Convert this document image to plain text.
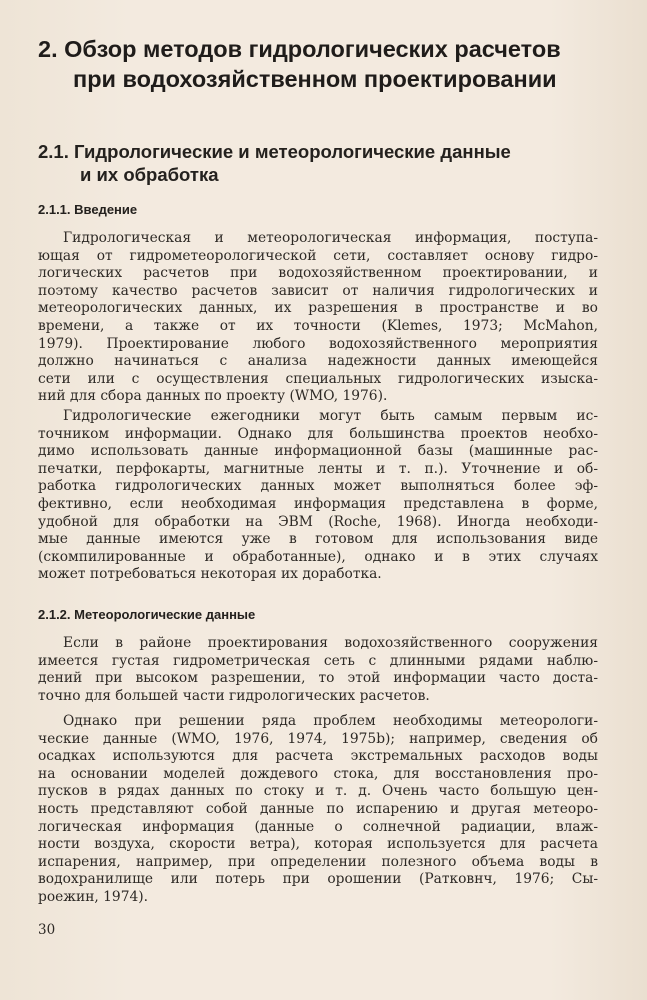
2. Обзор методов гидрологических расчетов
при водохозяйственном проектировании
2.1. Гидрологические и метеорологические данные
и их обработка
2.1.1. Введение
Гидрологическая и метеорологическая информация, поступа-
ющая от гидрометеорологической сети, составляет основу гидро-
логических расчетов при водохозяйственном проектировании, и
поэтому качество расчетов зависит от наличия гидрологических и
метеорологических данных, их разрешения в пространстве и во
времени, а также от их точности (Klemes, 1973; McMahon,
1979). Проектирование любого водохозяйственного мероприятия
должно начинаться с анализа надежности данных имеющейся
сети или с осуществления специальных гидрологических изыска-
ний для сбора данных по проекту (WMO, 1976).
Гидрологические ежегодники могут быть самым первым ис-
точником информации. Однако для большинства проектов необхо-
димо использовать данные информационной базы (машинные рас-
печатки, перфокарты, магнитные ленты и т. п.). Уточнение и об-
работка гидрологических данных может выполняться более эф-
фективно, если необходимая информация представлена в форме,
удобной для обработки на ЭВМ (Roche, 1968). Иногда необходи-
мые данные имеются уже в готовом для использования виде
(скомпилированные и обработанные), однако и в этих случаях
может потребоваться некоторая их доработка.
2.1.2. Метеорологические данные
Если в районе проектирования водохозяйственного сооружения
имеется густая гидрометрическая сеть с длинными рядами наблю-
дений при высоком разрешении, то этой информации часто доста-
точно для большей части гидрологических расчетов.
Однако при решении ряда проблем необходимы метеорологи-
ческие данные (WMO, 1976, 1974, 1975b); например, сведения об
осадках используются для расчета экстремальных расходов воды
на основании моделей дождевого стока, для восстановления про-
пусков в рядах данных по стоку и т. д. Очень часто большую цен-
ность представляют собой данные по испарению и другая метеоро-
логическая информация (данные о солнечной радиации, влаж-
ности воздуха, скорости ветра), которая используется для расчета
испарения, например, при определении полезного объема воды в
водохранилище или потерь при орошении (Ратковнч, 1976; Сы-
роежин, 1974).
30
